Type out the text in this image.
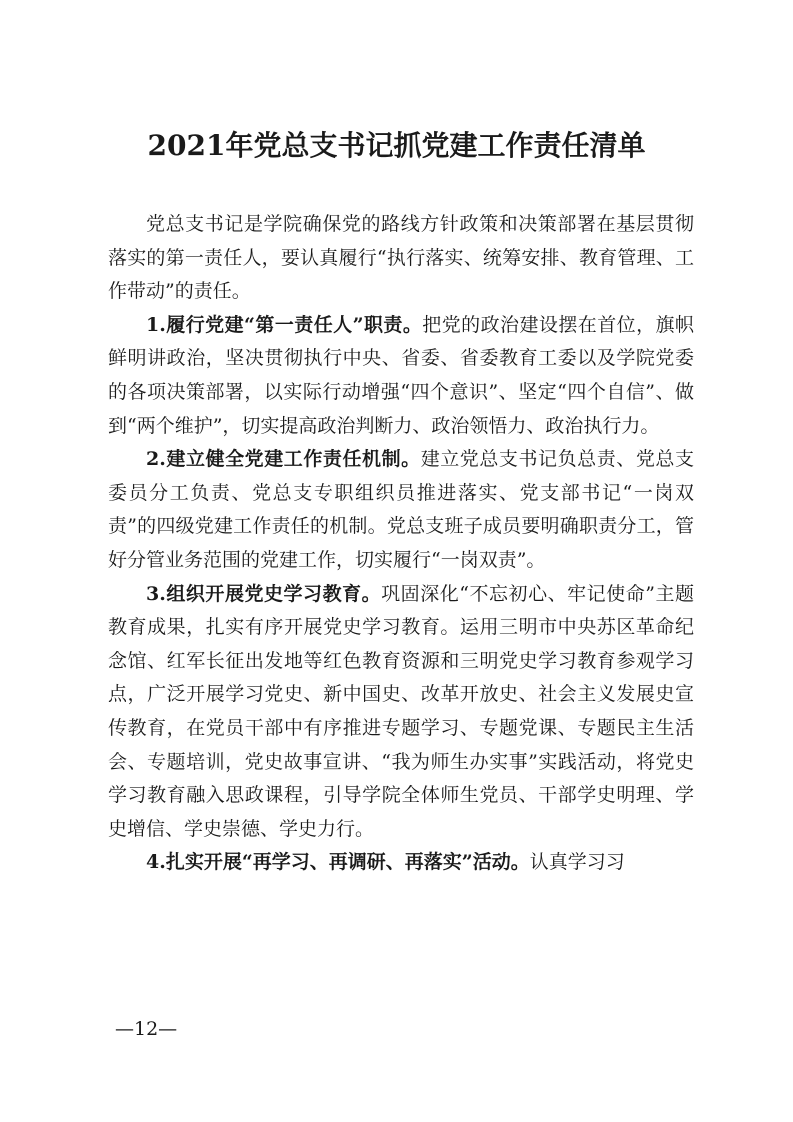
2021年党总支书记抓党建工作责任清单

党总支书记是学院确保党的路线方针政策和决策部署在基层贯彻落实的第一责任人，要认真履行“执行落实、统筹安排、教育管理、工作带动”的责任。

1.履行党建“第一责任人”职责。把党的政治建设摆在首位，旗帜鲜明讲政治，坚决贯彻执行中央、省委、省委教育工委以及学院党委的各项决策部署，以实际行动增强“四个意识”、坚定“四个自信”、做到“两个维护”，切实提高政治判断力、政治领悟力、政治执行力。

2.建立健全党建工作责任机制。建立党总支书记负总责、党总支委员分工负责、党总支专职组织员推进落实、党支部书记“一岗双责”的四级党建工作责任的机制。党总支班子成员要明确职责分工，管好分管业务范围的党建工作，切实履行“一岗双责”。

3.组织开展党史学习教育。巩固深化“不忘初心、牢记使命”主题教育成果，扎实有序开展党史学习教育。运用三明市中央苏区革命纪念馆、红军长征出发地等红色教育资源和三明党史学习教育参观学习点，广泛开展学习党史、新中国史、改革开放史、社会主义发展史宣传教育，在党员干部中有序推进专题学习、专题党课、专题民主生活会、专题培训，党史故事宣讲、“我为师生办实事”实践活动，将党史学习教育融入思政课程，引导学院全体师生党员、干部学史明理、学史增信、学史崇德、学史力行。

4.扎实开展“再学习、再调研、再落实”活动。认真学习习

—12—
